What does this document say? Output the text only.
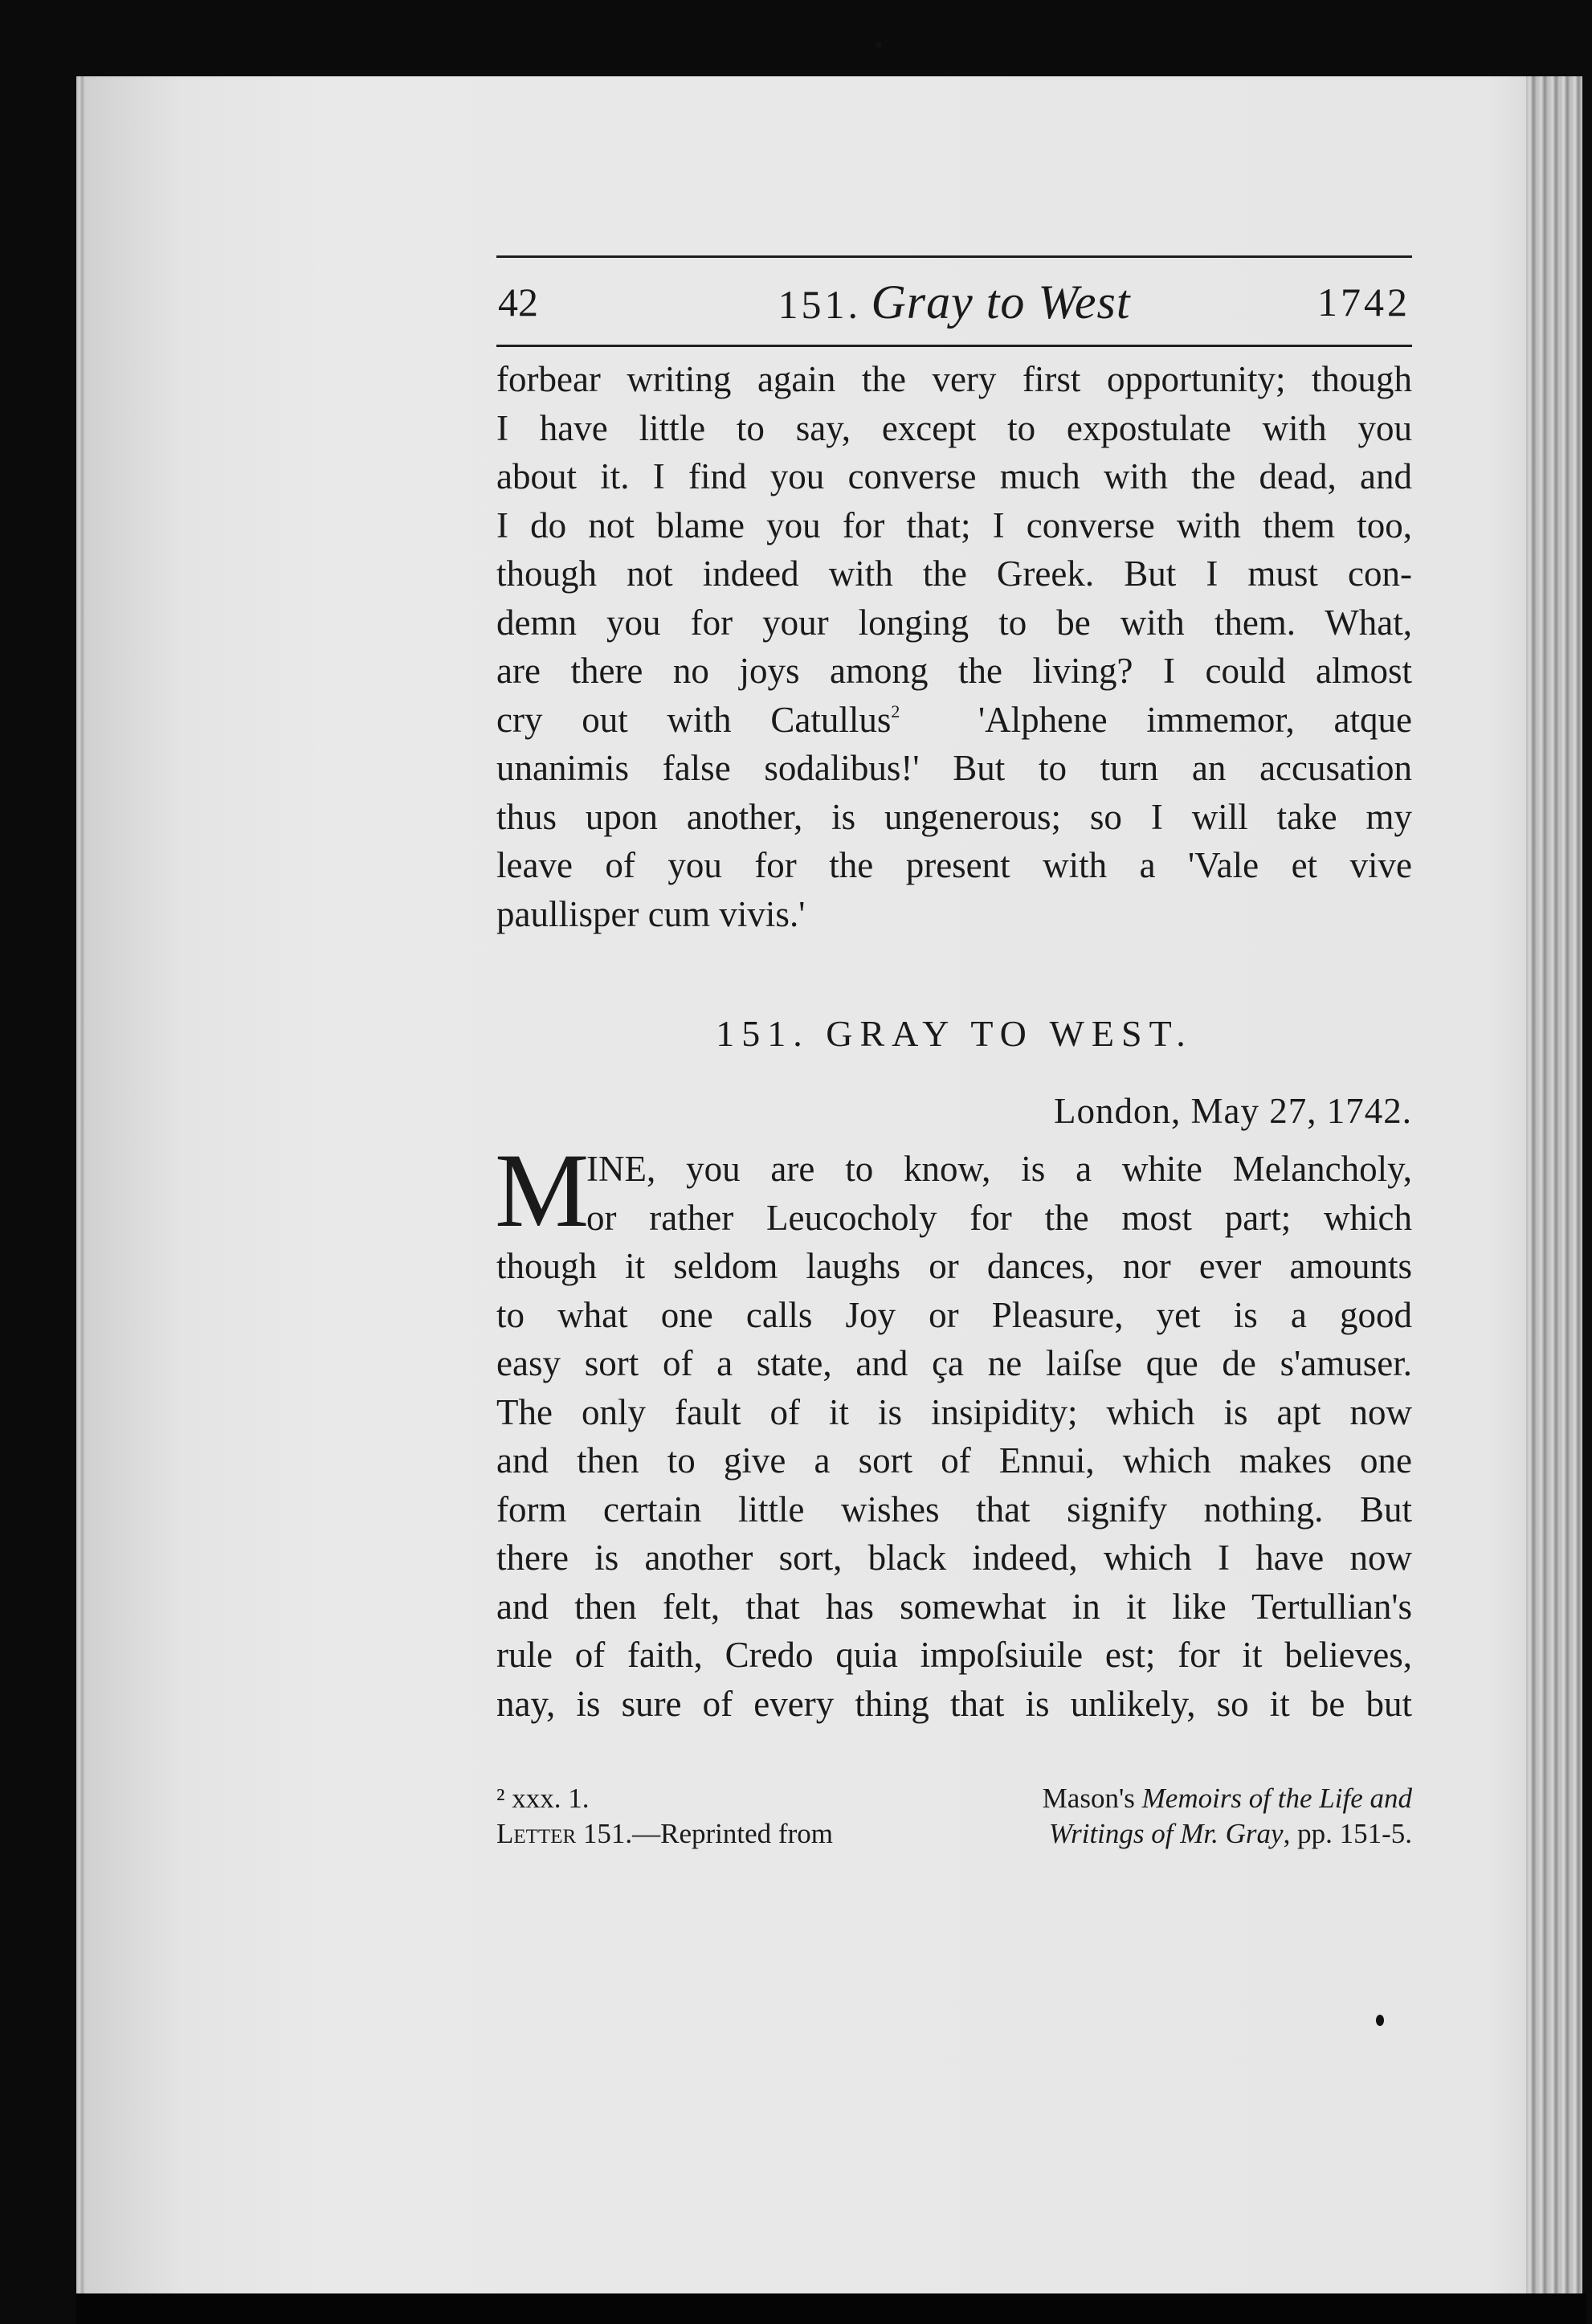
42	151. Gray to West	1742
forbear writing again the very first opportunity; though
I have little to say, except to expostulate with you
about it. I find you converse much with the dead, and
I do not blame you for that; I converse with them too,
though not indeed with the Greek. But I must con-
demn you for your longing to be with them. What,
are there no joys among the living? I could almost
cry out with Catullus$^2$ 'Alphene immemor, atque
unanimis false sodalibus!' But to turn an accusation
thus upon another, is ungenerous; so I will take my
leave of you for the present with a 'Vale et vive
paullisper cum vivis.'
151. GRAY TO WEST.
London, May 27, 1742.
M
INE, you are to know, is a white Melancholy,
or rather Leucocholy for the most part; which
though it seldom laughs or dances, nor ever amounts
to what one calls Joy or Pleasure, yet is a good
easy sort of a state, and ça ne laiſse que de s'amuser.
The only fault of it is insipidity; which is apt now
and then to give a sort of Ennui, which makes one
form certain little wishes that signify nothing. But
there is another sort, black indeed, which I have now
and then felt, that has somewhat in it like Tertullian's
rule of faith, Credo quia impoſsiuile est; for it believes,
nay, is sure of every thing that is unlikely, so it be but
² xxx. 1.	Mason's Memoirs of the Life and
Letter 151.—Reprinted from	Writings of Mr. Gray, pp. 151-5.
